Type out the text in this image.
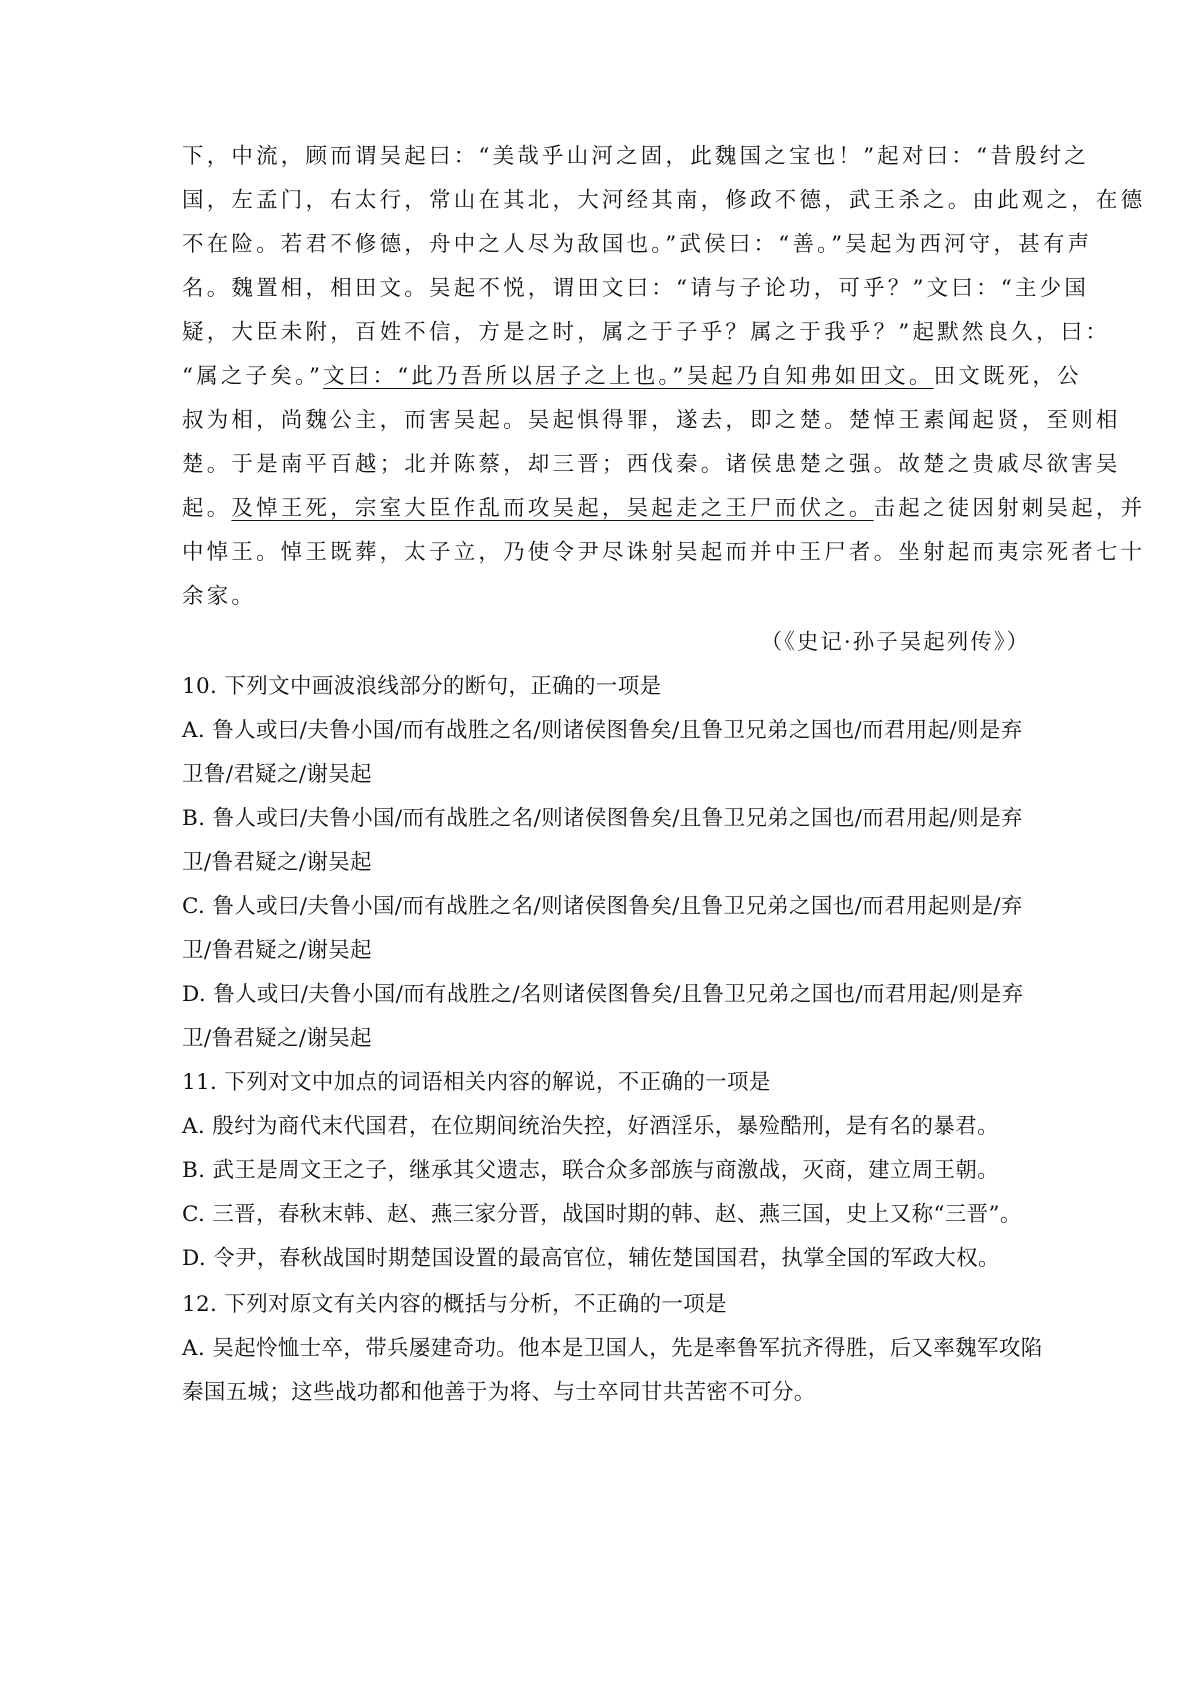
下，中流，顾而谓吴起曰：“美哉乎山河之固，此魏国之宝也！”起对曰：“昔殷纣之
国，左孟门，右太行，常山在其北，大河经其南，修政不德，武王杀之。由此观之，在德
不在险。若君不修德，舟中之人尽为敌国也。”武侯曰：“善。”吴起为西河守，甚有声
名。魏置相，相田文。吴起不悦，谓田文曰：“请与子论功，可乎？”文曰：“主少国
疑，大臣未附，百姓不信，方是之时，属之于子乎？属之于我乎？”起默然良久，曰：
“属之子矣。”文曰：“此乃吾所以居子之上也。”吴起乃自知弗如田文。田文既死，公
叔为相，尚魏公主，而害吴起。吴起惧得罪，遂去，即之楚。楚悼王素闻起贤，至则相
楚。于是南平百越；北并陈蔡，却三晋；西伐秦。诸侯患楚之强。故楚之贵戚尽欲害吴
起。及悼王死，宗室大臣作乱而攻吴起，吴起走之王尸而伏之。击起之徒因射刺吴起，并
中悼王。悼王既葬，太子立，乃使令尹尽诛射吴起而并中王尸者。坐射起而夷宗死者七十
余家。
（《史记·孙子吴起列传》）
10. 下列文中画波浪线部分的断句，正确的一项是
A. 鲁人或曰/夫鲁小国/而有战胜之名/则诸侯图鲁矣/且鲁卫兄弟之国也/而君用起/则是弃
卫鲁/君疑之/谢吴起
B. 鲁人或曰/夫鲁小国/而有战胜之名/则诸侯图鲁矣/且鲁卫兄弟之国也/而君用起/则是弃
卫/鲁君疑之/谢吴起
C. 鲁人或曰/夫鲁小国/而有战胜之名/则诸侯图鲁矣/且鲁卫兄弟之国也/而君用起则是/弃
卫/鲁君疑之/谢吴起
D. 鲁人或曰/夫鲁小国/而有战胜之/名则诸侯图鲁矣/且鲁卫兄弟之国也/而君用起/则是弃
卫/鲁君疑之/谢吴起
11. 下列对文中加点的词语相关内容的解说，不正确的一项是
A. 殷纣为商代末代国君，在位期间统治失控，好酒淫乐，暴殓酷刑，是有名的暴君。
B. 武王是周文王之子，继承其父遗志，联合众多部族与商激战，灭商，建立周王朝。
C. 三晋，春秋末韩、赵、燕三家分晋，战国时期的韩、赵、燕三国，史上又称“三晋”。
D. 令尹，春秋战国时期楚国设置的最高官位，辅佐楚国国君，执掌全国的军政大权。
12. 下列对原文有关内容的概括与分析，不正确的一项是
A. 吴起怜恤士卒，带兵屡建奇功。他本是卫国人，先是率鲁军抗齐得胜，后又率魏军攻陷
秦国五城；这些战功都和他善于为将、与士卒同甘共苦密不可分。
